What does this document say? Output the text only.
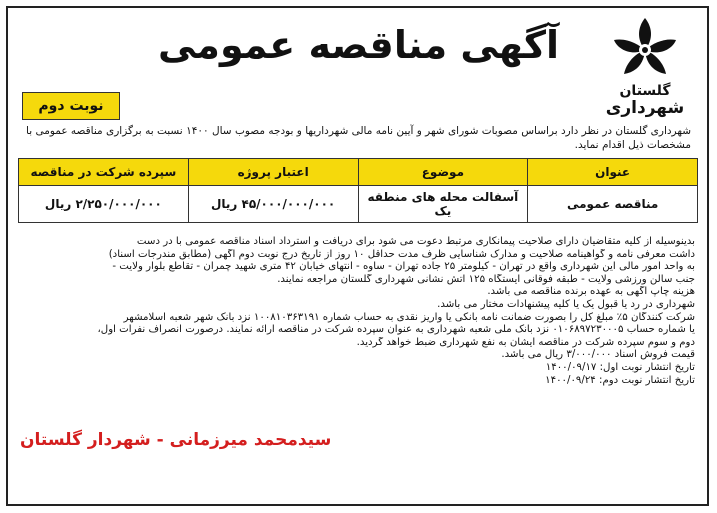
گلستان
شهرداری
آگهی مناقصه عمومی
نوبت دوم
شهرداری گلستان در نظر دارد براساس مصوبات شورای شهر و آیین نامه مالی شهرداریها و بودجه مصوب سال ۱۴۰۰ نسبت به برگزاری مناقصه عمومی با مشخصات ذیل اقدام نماید.
عنوان	موضوع	اعتبار پروژه	سپرده شرکت در مناقصه
مناقصه عمومی	آسفالت محله های منطقه یک	۴۵/۰۰۰/۰۰۰/۰۰۰ ریال	۲/۲۵۰/۰۰۰/۰۰۰ ریال

بدینوسیله از کلیه متقاضیان دارای صلاحیت پیمانکاری مرتبط دعوت می شود برای دریافت و استرداد اسناد مناقصه عمومی با در دست

داشت معرفی نامه و گواهینامه صلاحیت و مدارک شناسایی ظرف مدت حداقل ۱۰ روز از تاریخ درج نوبت دوم آگهی (مطابق مندرجات اسناد)

به واحد امور مالی این شهرداری واقع در تهران - کیلومتر ۲۵ جاده تهران - ساوه - انتهای خیابان ۴۲ متری شهید چمران - تقاطع بلوار ولایت -

جنب سالن ورزشی ولایت - طبقه فوقانی ایستگاه ۱۲۵ آتش نشانی شهرداری گلستان مراجعه نمایند.

هزینه چاپ آگهی به عهده برنده مناقصه می باشد.

شهرداری در رد یا قبول یک یا کلیه پیشنهادات مختار می باشد.

شرکت کنندگان ۵٪ مبلغ کل را بصورت ضمانت نامه بانکی یا واریز نقدی به حساب شماره ۱۰۰۸۱۰۳۶۳۱۹۱ نزد بانک شهر شعبه اسلامشهر

یا شماره حساب ۰۱۰۶۸۹۷۲۳۰۰۰۵ نزد بانک ملی شعبه شهرداری به عنوان سپرده شرکت در مناقصه ارائه نمایند. درصورت انصراف نفرات اول،

دوم و سوم سپرده شرکت در مناقصه ایشان به نفع شهرداری ضبط خواهد گردید.

قیمت فروش اسناد ۳/۰۰۰/۰۰۰ ریال می باشد.

تاریخ انتشار نوبت اول: ۱۴۰۰/۰۹/۱۷

تاریخ انتشار نوبت دوم: ۱۴۰۰/۰۹/۲۴

سیدمحمد میرزمانی - شهردار گلستان
